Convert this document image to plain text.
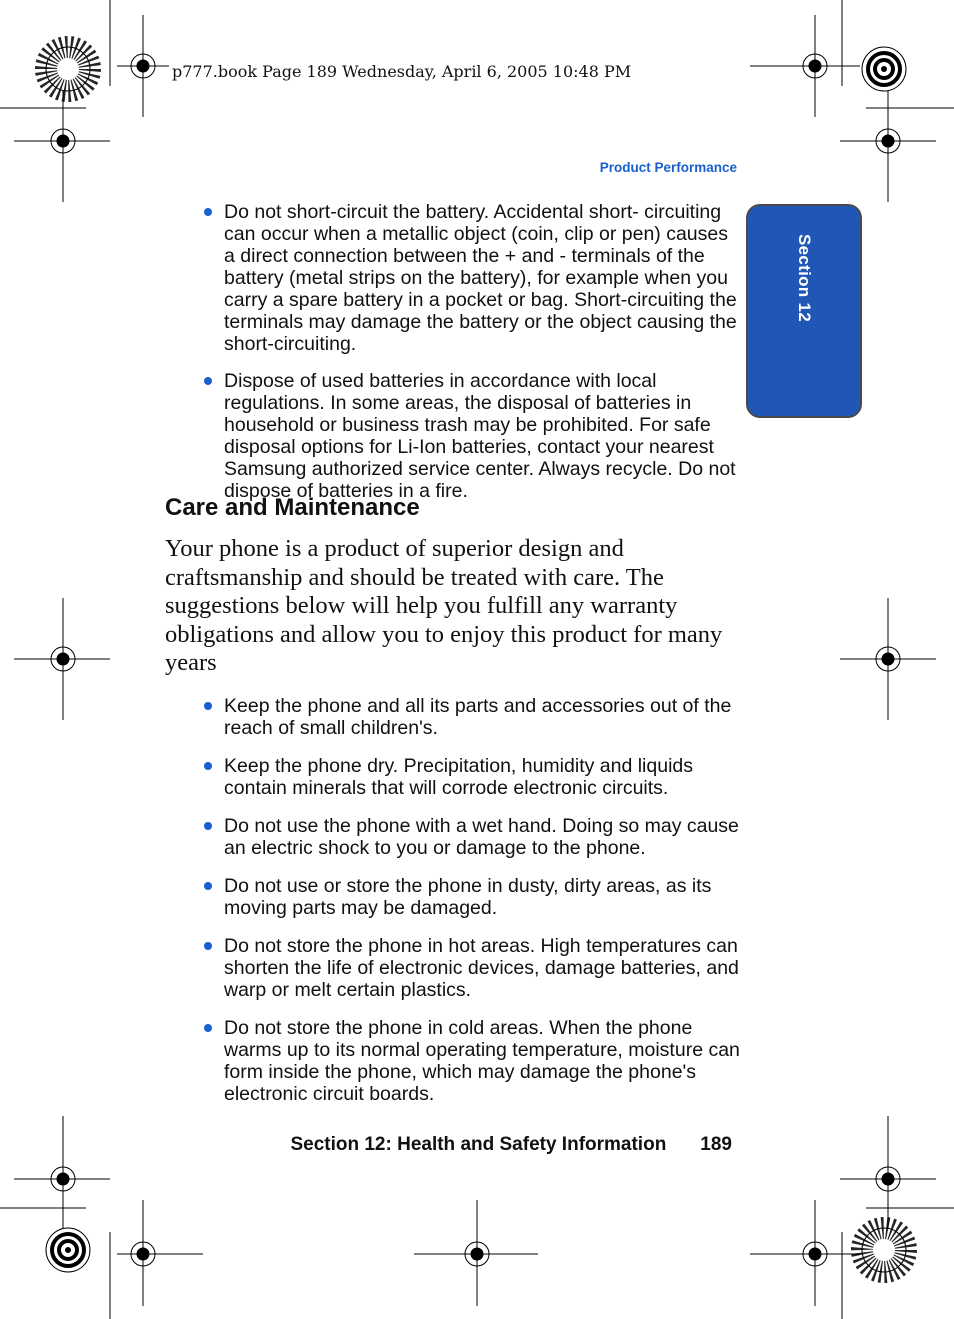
p777.book Page 189 Wednesday, April 6, 2005 10:48 PM
Product Performance
Section 12

Do not short-circuit the battery. Accidental short- circuiting can occur when a metallic object (coin, clip or pen) causes a direct connection between the + and - terminals of the battery (metal strips on the battery), for example when you carry a spare battery in a pocket or bag. Short-circuiting the terminals may damage the battery or the object causing the short-circuiting.

Dispose of used batteries in accordance with local regulations. In some areas, the disposal of batteries in household or business trash may be prohibited. For safe disposal options for Li-Ion batteries, contact your nearest Samsung authorized service center. Always recycle. Do not dispose of batteries in a fire.

Care and Maintenance
Your phone is a product of superior design and craftsmanship and should be treated with care. The suggestions below will help you fulfill any warranty obligations and allow you to enjoy this product for many years

Keep the phone and all its parts and accessories out of the reach of small children's.

Keep the phone dry. Precipitation, humidity and liquids contain minerals that will corrode electronic circuits.

Do not use the phone with a wet hand. Doing so may cause an electric shock to you or damage to the phone.

Do not use or store the phone in dusty, dirty areas, as its moving parts may be damaged.

Do not store the phone in hot areas. High temperatures can shorten the life of electronic devices, damage batteries, and warp or melt certain plastics.

Do not store the phone in cold areas. When the phone warms up to its normal operating temperature, moisture can form inside the phone, which may damage the phone's electronic circuit boards.

Section 12: Health and Safety Information 189
